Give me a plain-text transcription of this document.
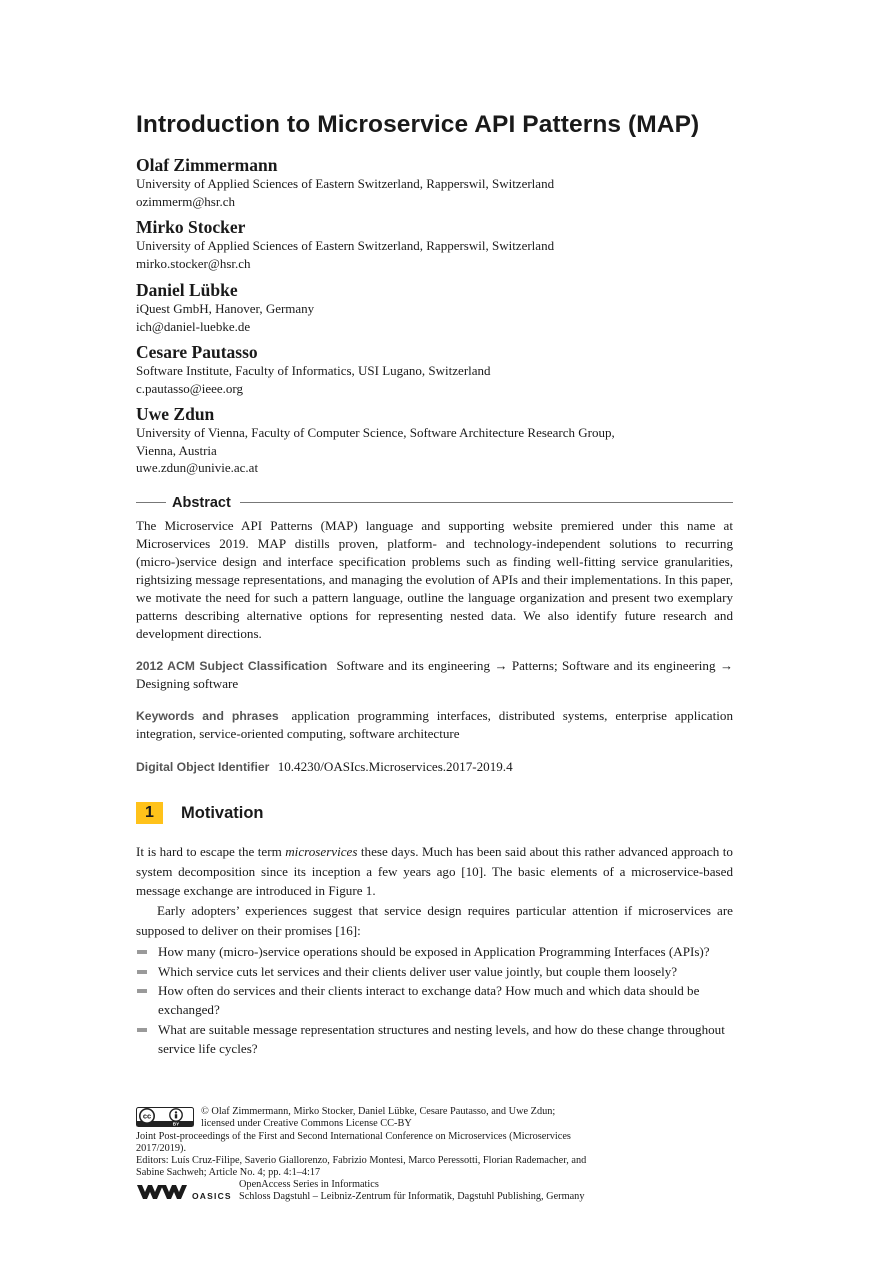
Introduction to Microservice API Patterns (MAP)
Olaf Zimmermann
University of Applied Sciences of Eastern Switzerland, Rapperswil, Switzerland
ozimmerm@hsr.ch
Mirko Stocker
University of Applied Sciences of Eastern Switzerland, Rapperswil, Switzerland
mirko.stocker@hsr.ch
Daniel Lübke
iQuest GmbH, Hanover, Germany
ich@daniel-luebke.de
Cesare Pautasso
Software Institute, Faculty of Informatics, USI Lugano, Switzerland
c.pautasso@ieee.org
Uwe Zdun
University of Vienna, Faculty of Computer Science, Software Architecture Research Group,
Vienna, Austria
uwe.zdun@univie.ac.at
Abstract
The Microservice API Patterns (MAP) language and supporting website premiered under this name at Microservices 2019. MAP distills proven, platform- and technology-independent solutions to recurring (micro-)service design and interface specification problems such as finding well-fitting service granularities, rightsizing message representations, and managing the evolution of APIs and their implementations. In this paper, we motivate the need for such a pattern language, outline the language organization and present two exemplary patterns describing alternative options for representing nested data. We also identify future research and development directions.
2012 ACM Subject Classification Software and its engineering → Patterns; Software and its engineering → Designing software
Keywords and phrases application programming interfaces, distributed systems, enterprise application integration, service-oriented computing, software architecture
Digital Object Identifier 10.4230/OASIcs.Microservices.2017-2019.4
1	Motivation
It is hard to escape the term microservices these days. Much has been said about this rather advanced approach to system decomposition since its inception a few years ago [10]. The basic elements of a microservice-based message exchange are introduced in Figure 1.
Early adopters’ experiences suggest that service design requires particular attention if microservices are supposed to deliver on their promises [16]:
How many (micro-)service operations should be exposed in Application Programming Interfaces (APIs)?
Which service cuts let services and their clients deliver user value jointly, but couple them loosely?
How often do services and their clients interact to exchange data? How much and which data should be exchanged?
What are suitable message representation structures and nesting levels, and how do these change throughout service life cycles?
cc
BY
© Olaf Zimmermann, Mirko Stocker, Daniel Lübke, Cesare Pautasso, and Uwe Zdun;
licensed under Creative Commons License CC-BY
Joint Post-proceedings of the First and Second International Conference on Microservices (Microservices
2017/2019).
Editors: Luís Cruz-Filipe, Saverio Giallorenzo, Fabrizio Montesi, Marco Peressotti, Florian Rademacher, and
Sabine Sachweh; Article No. 4; pp. 4:1–4:17
OASICS
OpenAccess Series in Informatics
Schloss Dagstuhl – Leibniz-Zentrum für Informatik, Dagstuhl Publishing, Germany
